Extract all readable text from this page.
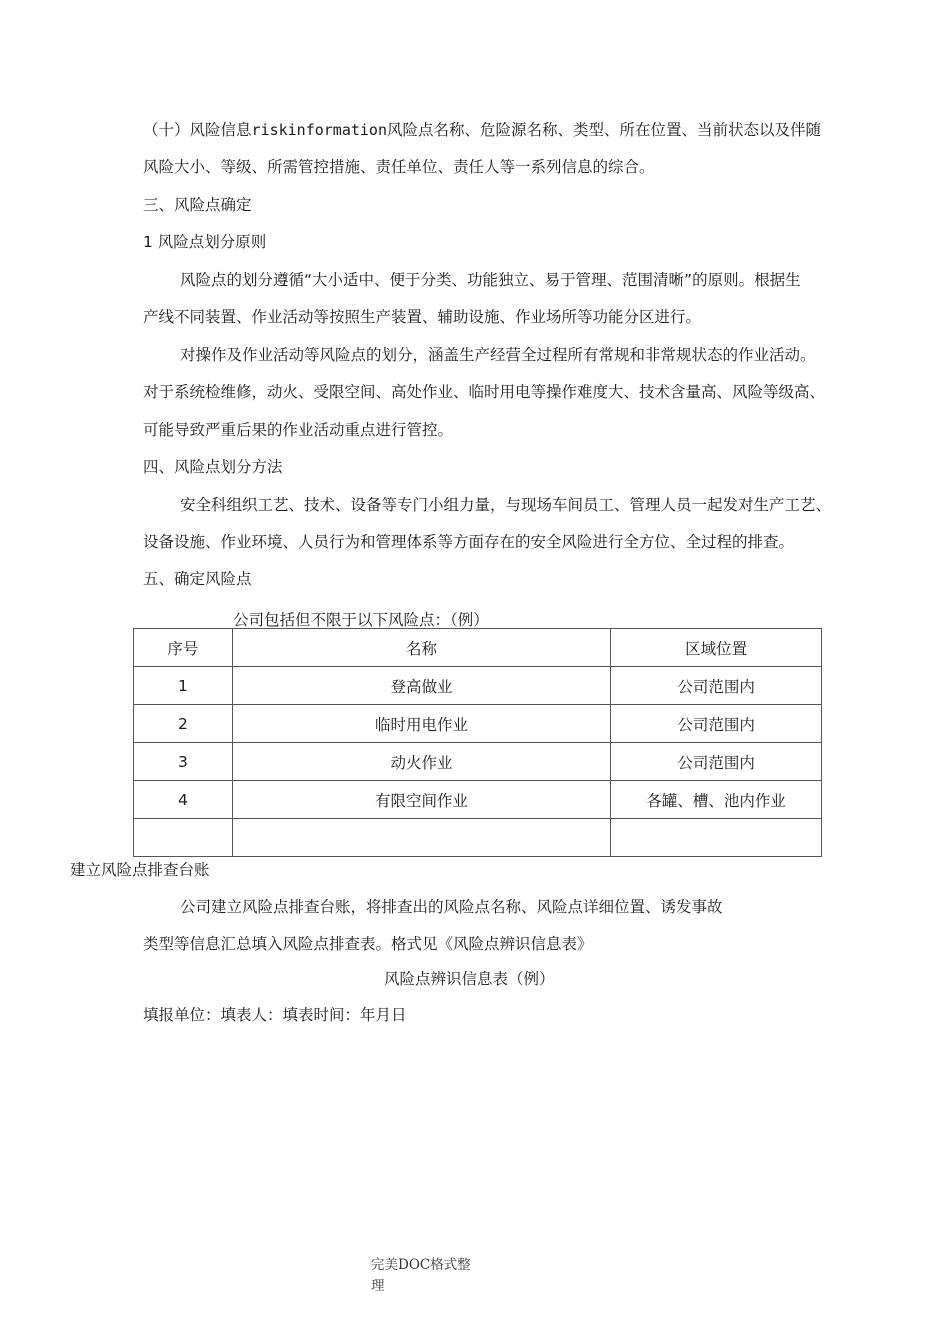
（十）风险信息riskinformation风险点名称、危险源名称、类型、所在位置、当前状态以及伴随
风险大小、等级、所需管控措施、责任单位、责任人等一系列信息的综合。
三、风险点确定
1 风险点划分原则
风险点的划分遵循“大小适中、便于分类、功能独立、易于管理、范围清晰”的原则。根据生
产线不同装置、作业活动等按照生产装置、辅助设施、作业场所等功能分区进行。
对操作及作业活动等风险点的划分，涵盖生产经营全过程所有常规和非常规状态的作业活动。
对于系统检维修，动火、受限空间、高处作业、临时用电等操作难度大、技术含量高、风险等级高、
可能导致严重后果的作业活动重点进行管控。
四、风险点划分方法
安全科组织工艺、技术、设备等专门小组力量，与现场车间员工、管理人员一起发对生产工艺、
设备设施、作业环境、人员行为和管理体系等方面存在的安全风险进行全方位、全过程的排查。
五、确定风险点
公司包括但不限于以下风险点：（例）
序号	名称	区域位置
1	登高做业	公司范围内
2	临时用电作业	公司范围内
3	动火作业	公司范围内
4	有限空间作业	各罐、槽、池内作业

建立风险点排查台账
公司建立风险点排查台账，将排查出的风险点名称、风险点详细位置、诱发事故
类型等信息汇总填入风险点排查表。格式见《风险点辨识信息表》
风险点辨识信息表（例）
填报单位：填表人：填表时间：年月日
完美DOC格式整
理
